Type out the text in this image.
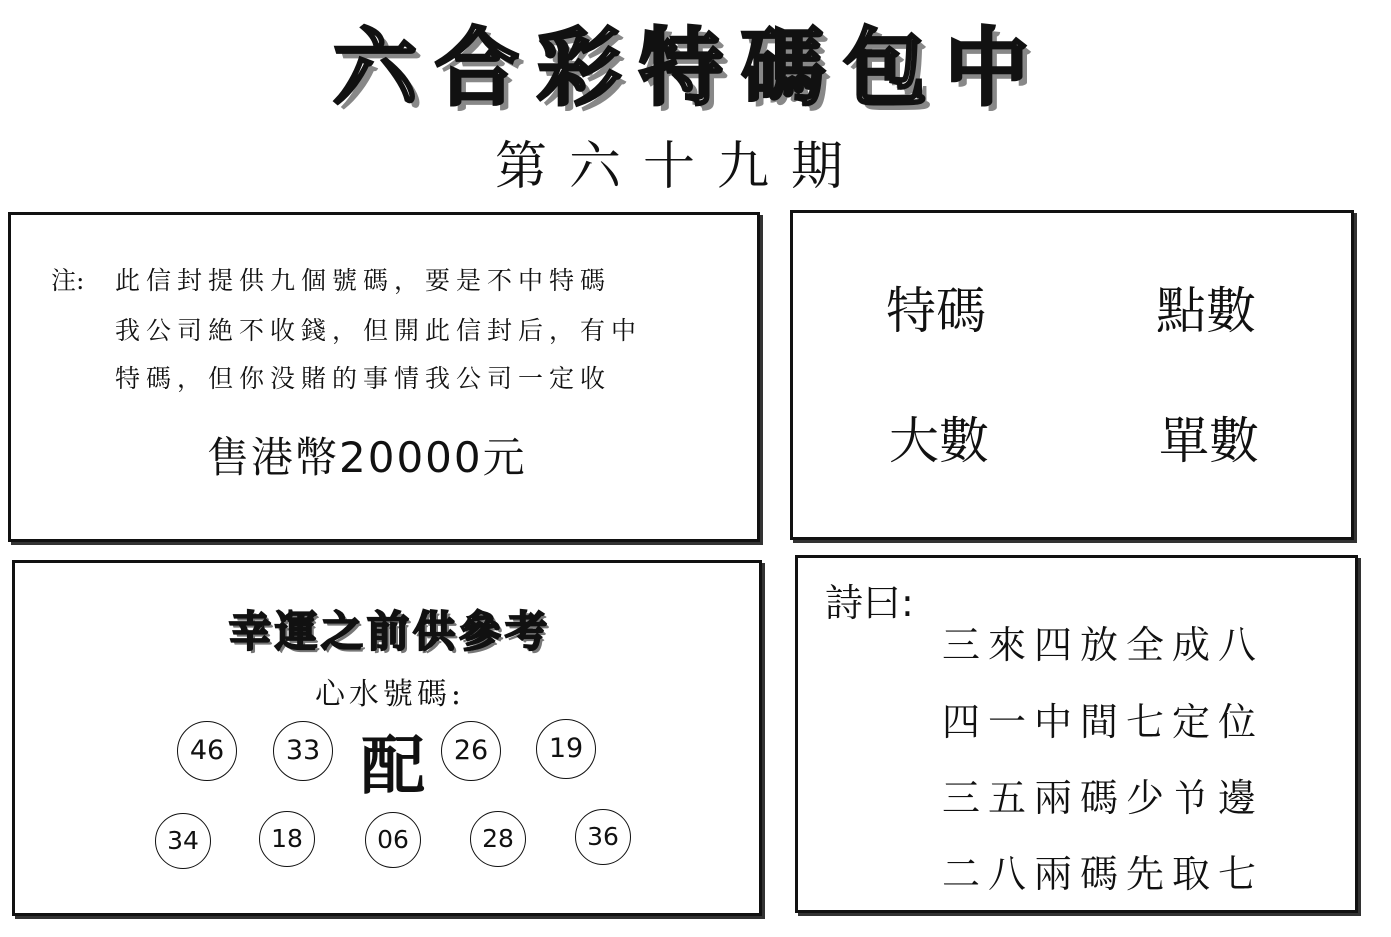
六合彩特碼包中
第六十九期
注: 此信封提供九個號碼，要是不中特碼
我公司絶不收錢，但開此信封后，有中
特碼，但你没賭的事情我公司一定收
售港幣20000元
特碼	點數
大數	單數
幸運之前供參考
心水號碼:
46	33 配	26	19
34	18	06	28	36
詩曰:
三來四放全成八
四一中間七定位
三五兩碼少兯邊
二八兩碼先取七
